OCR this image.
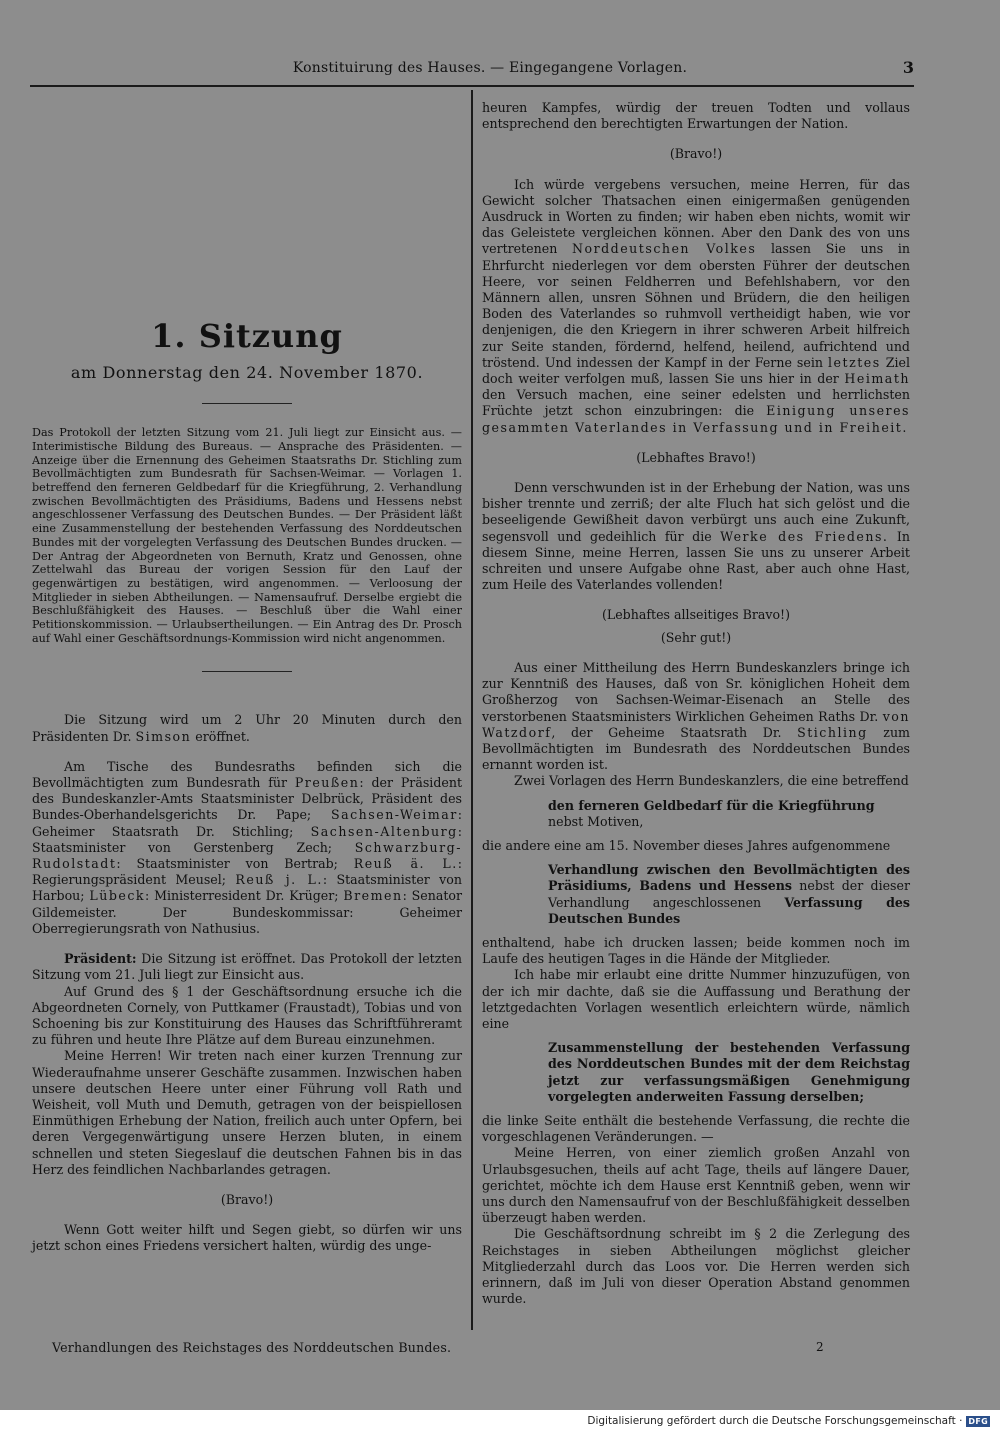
Konstituirung des Hauses. — Eingegangene Vorlagen.	3
1. Sitzung
am Donnerstag den 24. November 1870.

Das Protokoll der letzten Sitzung vom 21. Juli liegt zur Einsicht aus. — Interimistische Bildung des Bureaus. — Ansprache des Präsidenten. — Anzeige über die Ernennung des Geheimen Staatsraths Dr. Stichling zum Bevollmächtigten zum Bundesrath für Sachsen-Weimar. — Vorlagen 1. betreffend den ferneren Geldbedarf für die Kriegführung, 2. Verhandlung zwischen Bevollmächtigten des Präsidiums, Badens und Hessens nebst angeschlossener Verfassung des Deutschen Bundes. — Der Präsident läßt eine Zusammenstellung der bestehenden Verfassung des Norddeutschen Bundes mit der vorgelegten Verfassung des Deutschen Bundes drucken. — Der Antrag der Abgeordneten von Bernuth, Kratz und Genossen, ohne Zettelwahl das Bureau der vorigen Session für den Lauf der gegenwärtigen zu bestätigen, wird angenommen. — Verloosung der Mitglieder in sieben Abtheilungen. — Namensaufruf. Derselbe ergiebt die Beschlußfähigkeit des Hauses. — Beschluß über die Wahl einer Petitionskommission. — Urlaubsertheilungen. — Ein Antrag des Dr. Prosch auf Wahl einer Geschäftsordnungs-Kommission wird nicht angenommen.

Die Sitzung wird um 2 Uhr 20 Minuten durch den Präsidenten Dr. Simson eröffnet.

Am Tische des Bundesraths befinden sich die Bevollmächtigten zum Bundesrath für Preußen: der Präsident des Bundeskanzler-Amts Staatsminister Delbrück, Präsident des Bundes-Oberhandelsgerichts Dr. Pape; Sachsen-Weimar: Geheimer Staatsrath Dr. Stichling; Sachsen-Altenburg: Staatsminister von Gerstenberg Zech; Schwarzburg-Rudolstadt: Staatsminister von Bertrab; Reuß ä. L.: Regierungspräsident Meusel; Reuß j. L.: Staatsminister von Harbou; Lübeck: Ministerresident Dr. Krüger; Bremen: Senator Gildemeister. Der Bundeskommissar: Geheimer Oberregierungsrath von Nathusius.

Präsident: Die Sitzung ist eröffnet. Das Protokoll der letzten Sitzung vom 21. Juli liegt zur Einsicht aus.

Auf Grund des § 1 der Geschäftsordnung ersuche ich die Abgeordneten Cornely, von Puttkamer (Fraustadt), Tobias und von Schoening bis zur Konstituirung des Hauses das Schriftführeramt zu führen und heute Ihre Plätze auf dem Bureau einzunehmen.

Meine Herren! Wir treten nach einer kurzen Trennung zur Wiederaufnahme unserer Geschäfte zusammen. Inzwischen haben unsere deutschen Heere unter einer Führung voll Rath und Weisheit, voll Muth und Demuth, getragen von der beispiellosen Einmüthigen Erhebung der Nation, freilich auch unter Opfern, bei deren Vergegenwärtigung unsere Herzen bluten, in einem schnellen und steten Siegeslauf die deutschen Fahnen bis in das Herz des feindlichen Nachbarlandes getragen.

(Bravo!)

Wenn Gott weiter hilft und Segen giebt, so dürfen wir uns jetzt schon eines Friedens versichert halten, würdig des unge-

heuren Kampfes, würdig der treuen Todten und vollaus entsprechend den berechtigten Erwartungen der Nation.

(Bravo!)

Ich würde vergebens versuchen, meine Herren, für das Gewicht solcher Thatsachen einen einigermaßen genügenden Ausdruck in Worten zu finden; wir haben eben nichts, womit wir das Geleistete vergleichen können. Aber den Dank des von uns vertretenen Norddeutschen Volkes lassen Sie uns in Ehrfurcht niederlegen vor dem obersten Führer der deutschen Heere, vor seinen Feldherren und Befehlshabern, vor den Männern allen, unsren Söhnen und Brüdern, die den heiligen Boden des Vaterlandes so ruhmvoll vertheidigt haben, wie vor denjenigen, die den Kriegern in ihrer schweren Arbeit hilfreich zur Seite standen, fördernd, helfend, heilend, aufrichtend und tröstend. Und indessen der Kampf in der Ferne sein letztes Ziel doch weiter verfolgen muß, lassen Sie uns hier in der Heimath den Versuch machen, eine seiner edelsten und herrlichsten Früchte jetzt schon einzubringen: die Einigung unseres gesammten Vaterlandes in Verfassung und in Freiheit.

(Lebhaftes Bravo!)

Denn verschwunden ist in der Erhebung der Nation, was uns bisher trennte und zerriß; der alte Fluch hat sich gelöst und die beseeligende Gewißheit davon verbürgt uns auch eine Zukunft, segensvoll und gedeihlich für die Werke des Friedens. In diesem Sinne, meine Herren, lassen Sie uns zu unserer Arbeit schreiten und unsere Aufgabe ohne Rast, aber auch ohne Hast, zum Heile des Vaterlandes vollenden!

(Lebhaftes allseitiges Bravo!)

(Sehr gut!)

Aus einer Mittheilung des Herrn Bundeskanzlers bringe ich zur Kenntniß des Hauses, daß von Sr. königlichen Hoheit dem Großherzog von Sachsen-Weimar-Eisenach an Stelle des verstorbenen Staatsministers Wirklichen Geheimen Raths Dr. von Watzdorf, der Geheime Staatsrath Dr. Stichling zum Bevollmächtigten im Bundesrath des Norddeutschen Bundes ernannt worden ist.

Zwei Vorlagen des Herrn Bundeskanzlers, die eine betreffend

den ferneren Geldbedarf für die Kriegführung

nebst Motiven,

die andere eine am 15. November dieses Jahres aufgenommene

Verhandlung zwischen den Bevollmächtigten des Präsidiums, Badens und Hessens nebst der dieser Verhandlung angeschlossenen Verfassung des Deutschen Bundes

enthaltend, habe ich drucken lassen; beide kommen noch im Laufe des heutigen Tages in die Hände der Mitglieder.

Ich habe mir erlaubt eine dritte Nummer hinzuzufügen, von der ich mir dachte, daß sie die Auffassung und Berathung der letztgedachten Vorlagen wesentlich erleichtern würde, nämlich eine

Zusammenstellung der bestehenden Verfassung des Norddeutschen Bundes mit der dem Reichstag jetzt zur verfassungsmäßigen Genehmigung vorgelegten anderweiten Fassung derselben;

die linke Seite enthält die bestehende Verfassung, die rechte die vorgeschlagenen Veränderungen. —

Meine Herren, von einer ziemlich großen Anzahl von Urlaubsgesuchen, theils auf acht Tage, theils auf längere Dauer, gerichtet, möchte ich dem Hause erst Kenntniß geben, wenn wir uns durch den Namensaufruf von der Beschlußfähigkeit desselben überzeugt haben werden.

Die Geschäftsordnung schreibt im § 2 die Zerlegung des Reichstages in sieben Abtheilungen möglichst gleicher Mitgliederzahl durch das Loos vor. Die Herren werden sich erinnern, daß im Juli von dieser Operation Abstand genommen wurde.

Verhandlungen des Reichstages des Norddeutschen Bundes.	2
Digitalisierung gefördert durch die Deutsche Forschungsgemeinschaft · DFG
